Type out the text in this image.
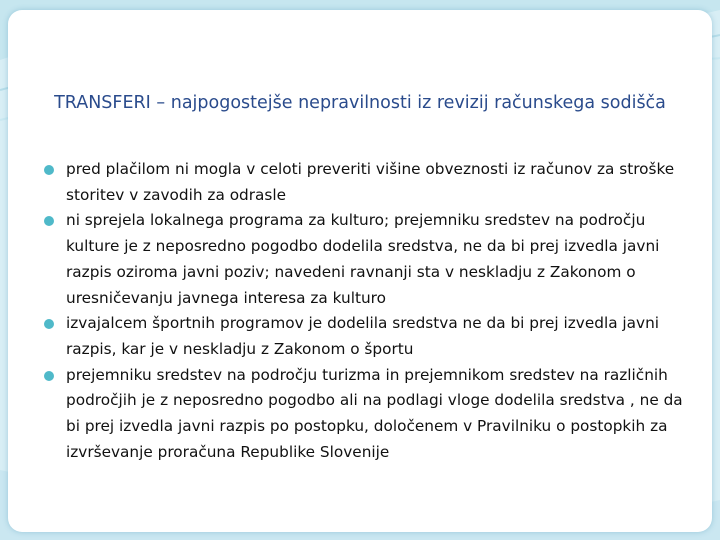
TRANSFERI – najpogostejše nepravilnosti iz revizij računskega sodišča
pred plačilom ni mogla v celoti preveriti višine obveznosti iz računov za stroške storitev v zavodih za odrasle
ni sprejela lokalnega programa za kulturo; prejemniku sredstev na področju kulture je z neposredno pogodbo dodelila sredstva, ne da bi prej izvedla javni razpis oziroma javni poziv; navedeni ravnanji sta v neskladju z Zakonom o uresničevanju javnega interesa za kulturo
izvajalcem športnih programov je dodelila sredstva ne da bi prej izvedla javni razpis, kar je v neskladju z Zakonom o športu
prejemniku sredstev na področju turizma in prejemnikom sredstev na različnih področjih je z neposredno pogodbo ali na podlagi vloge dodelila sredstva , ne da bi prej izvedla javni razpis po postopku, določenem v Pravilniku o postopkih za izvrševanje proračuna Republike Slovenije
